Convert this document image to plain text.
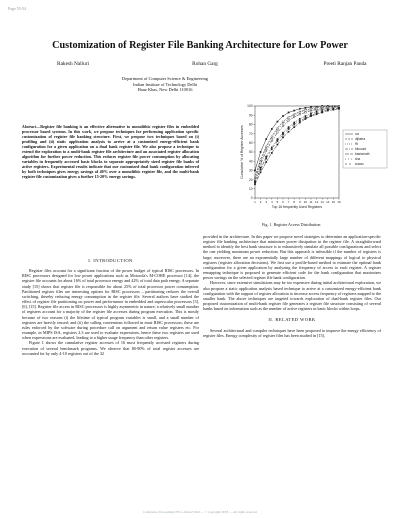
Page 55-54
Customization of Register File Banking Architecture for Low Power
Rakesh Nalluri	Rohan Garg	Preeti Ranjan Panda
Department of Computer Science & Engineering
Indian Institute of Technology Delhi
Hauz Khas, New Delhi 110016
0
10
20
30
40
50
60
70
80
90
100
1 2 3 4 5 6 7 8 9 10 11 12 13 14 15 16
Top 16 frequently Used Registers
Cumulative % of Register Accesses	crc
dijkstra
fft
bitcount
basicmath
sha
susan
Fig. 1. Register Access Distribution
Abstract—Register file banking is an effective alternative to monolithic register files in embedded processor based systems. In this work, we propose techniques for performing application specific customization of register file banking structure. First, we propose two techniques based on (i) profiling and (ii) static application analysis to arrive at a customized energy-efficient bank configuration for a given application on a dual bank register file. We also propose a technique to extend the exploration to a multi-bank register file architecture and an associated register allocation algorithm for further power reduction. This reduces register file power consumption by allocating variables in frequently accessed basic blocks to separate appropriately sized register file banks of active registers. Experimental results indicate that our customized dual bank configuration inferred by both techniques gives energy savings of 40% over a monolithic register file, and the multi-bank register file customization gives a further 15-20% energy savings.
I. INTRODUCTION

Register files account for a significant fraction of the power budget of typical RISC processors. In RISC processors designed for low power applications such as Motorola's M-CORE processor [14], the register file accounts for about 16% of total processor energy and 42% of total data path energy. A separate study [15] shows that register file is responsible for about 25% of total processor power consumption. Partitioned register files are interesting options for RISC processors – partitioning reduces the overall switching, thereby reducing energy consumption in the register file. Several authors have studied the effect of register file partitioning on power and performance in embedded and superscalar processors [3], [6], [15]. Register file access in RISC processors is highly asymmetric in nature; a relatively small number of registers account for a majority of the register file accesses during program execution. This is mostly because of two reasons (i) the lifetime of typical program variables is small, and a small number of registers are heavily reused; and (ii) the calling conventions followed in most RISC processors; these are rules enforced by the software during procedure call on argument and return value registers etc. For example, in MIPS ISA, registers 2,3 are used to evaluate expressions, hence these two registers are used when expressions are evaluated, leading to a higher usage frequency than other registers.

Figure 1 shows the cumulative register accesses of 16 most frequently accessed registers during execution of several benchmark programs. We observe that 80-90% of total register accesses are accounted for by only 4-10 registers out of the 32

provided in the architecture. In this paper we propose novel strategies to determine an application-specific register file banking architecture that minimizes power dissipation in the register file. A straightforward method to identify the best bank structure is to exhaustively simulate all possible configurations and select the one yielding maximum power reduction. But this approach is infeasible if the number of registers is large; moreover, there are an exponentially large number of different mappings of logical to physical registers (register allocation decisions). We first use a profile-based method to estimate the optimal bank configuration for a given application by analyzing the frequency of access to each register. A register remapping technique is proposed to generate efficient code for the bank configuration that maximizes power savings on the selected register file bank configuration.

However, since extensive simulations may be too expensive during initial architectural exploration, we also propose a static application analysis based technique to arrive at a customized energy-efficient bank configuration with the support of register allocation to increase access frequency of registers mapped to the smaller bank. The above techniques are targeted towards exploration of dual-bank register files. Our proposed customization of multi-bank register file generates a register file structure consisting of several banks based on information such as the number of active registers in basic blocks within loops.

II. RELATED WORK

Several architectural and compiler techniques have been proposed to improve the energy efficiency of register files. Energy complexity of register files has been studied in [15],

Conference Proceedings 978-1-4244-2746-0 — © Copyright IEEE — All rights reserved
